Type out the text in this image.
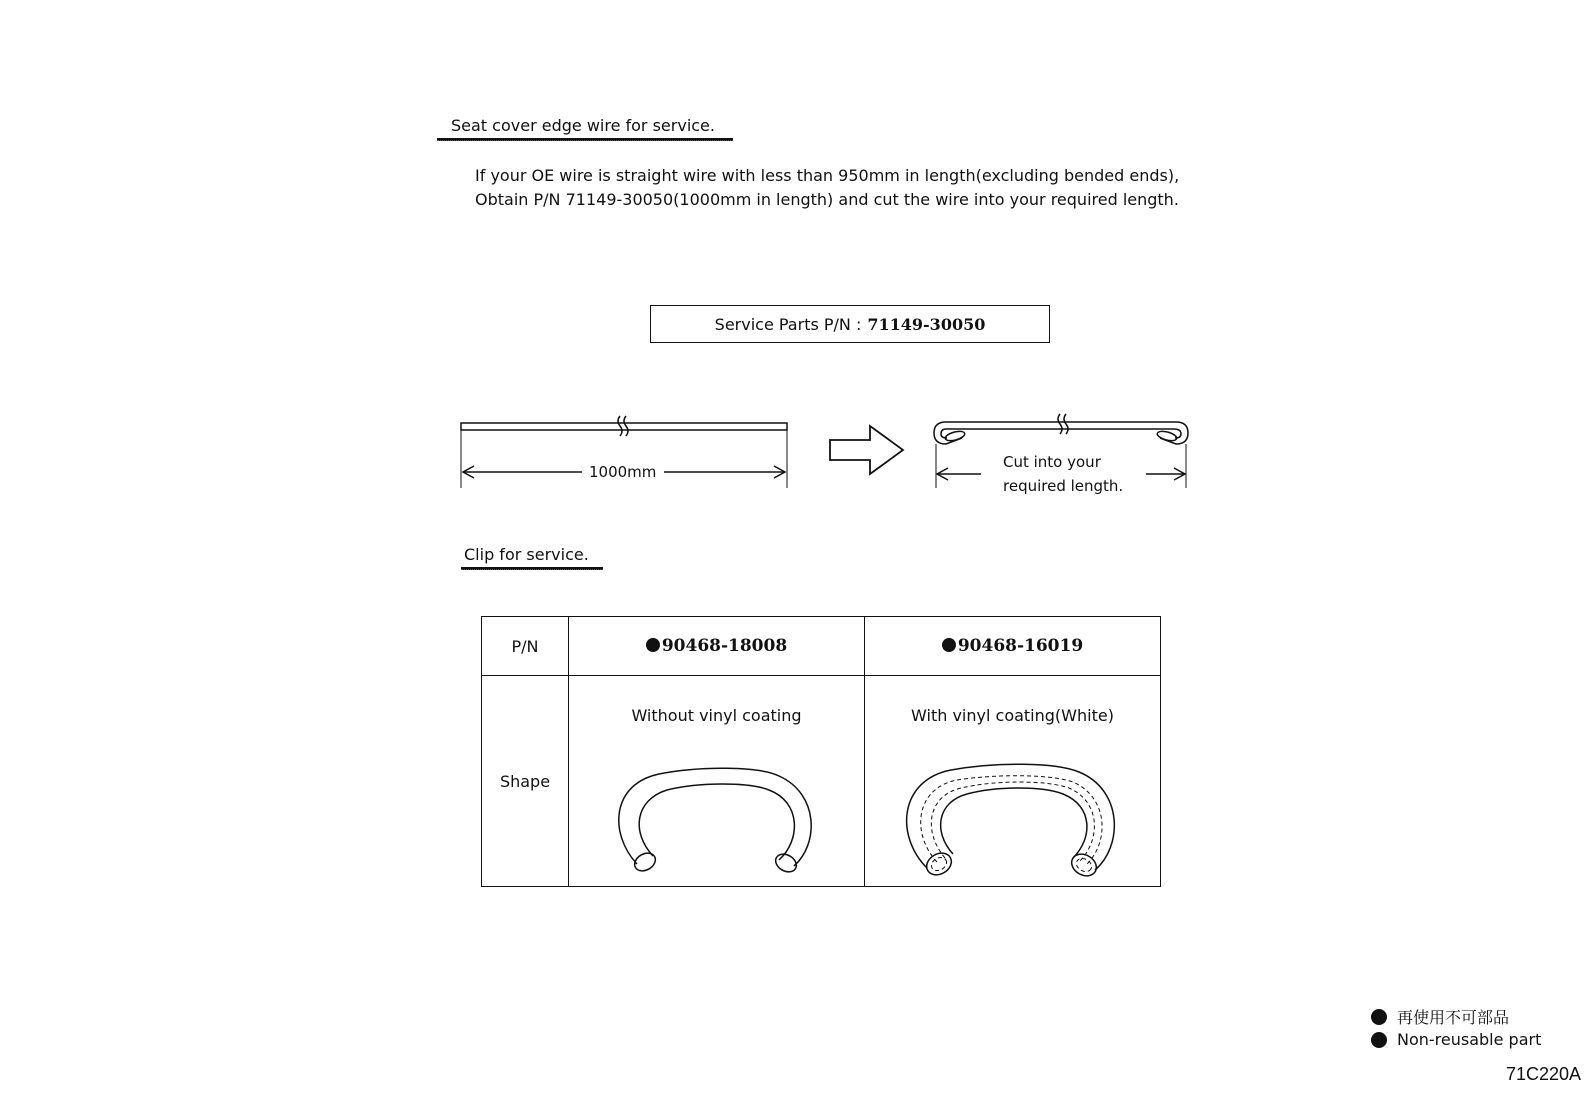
Seat cover edge wire for service.
If your OE wire is straight wire with less than 950mm in length(excluding bended ends),
Obtain P/N 71149-30050(1000mm in length) and cut the wire into your required length.
Service Parts P/N : 71149-30050
1000mm
Cut into your
required length.
Clip for service.
P/N	90468-18008	90468-16019
Shape	Without vinyl coating	With vinyl coating(White)
再使用不可部品
Non-reusable part
71C220A
